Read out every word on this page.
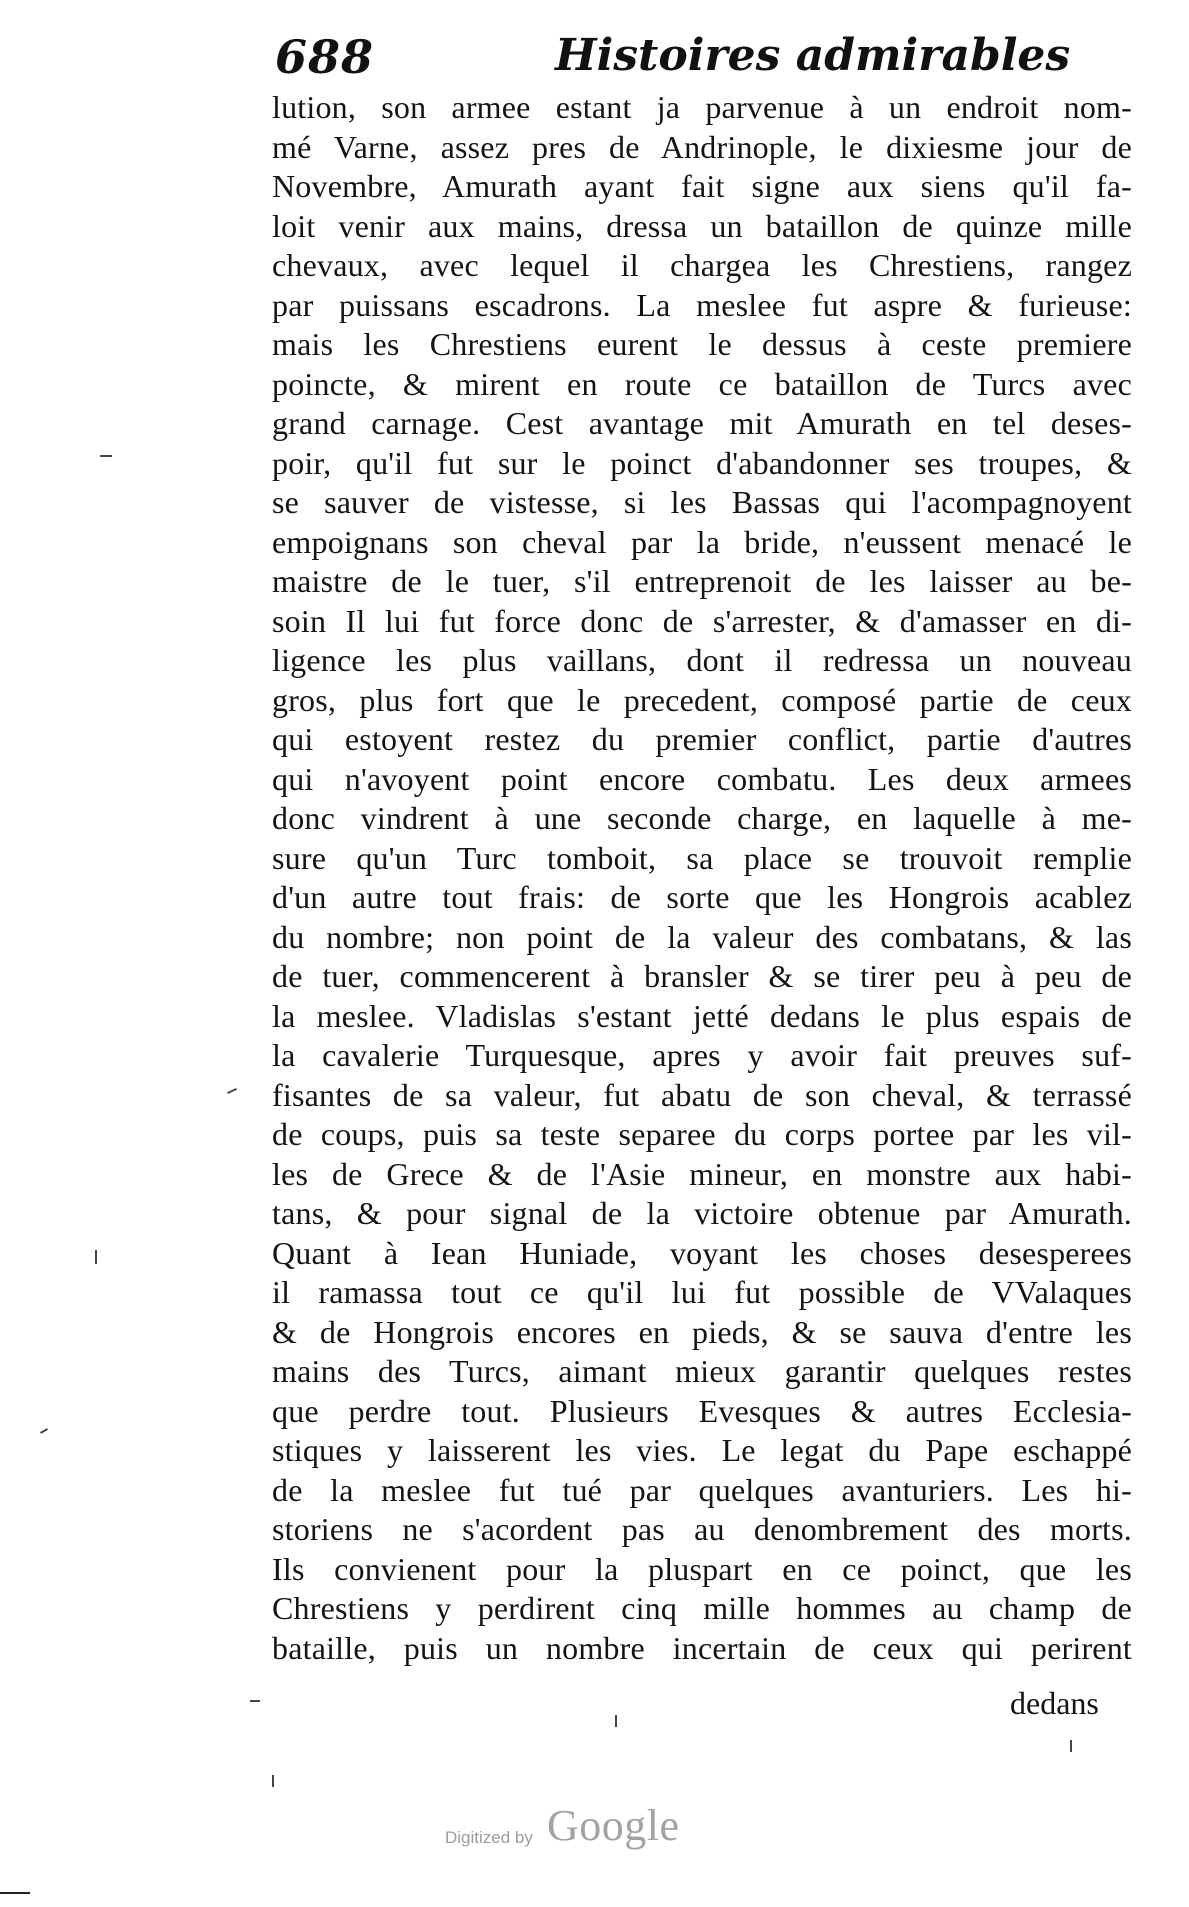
688	Histoires admirables
lution, son armee estant ja parvenue à un endroit nom-
mé Varne, assez pres de Andrinople, le dixiesme jour de
Novembre, Amurath ayant fait signe aux siens qu'il fa-
loit venir aux mains, dressa un bataillon de quinze mille
chevaux, avec lequel il chargea les Chrestiens, rangez
par puissans escadrons. La meslee fut aspre & furieuse:
mais les Chrestiens eurent le dessus à ceste premiere
poincte, & mirent en route ce bataillon de Turcs avec
grand carnage. Cest avantage mit Amurath en tel deses-
poir, qu'il fut sur le poinct d'abandonner ses troupes, &
se sauver de vistesse, si les Bassas qui l'acompagnoyent
empoignans son cheval par la bride, n'eussent menacé le
maistre de le tuer, s'il entreprenoit de les laisser au be-
soin Il lui fut force donc de s'arrester, & d'amasser en di-
ligence les plus vaillans, dont il redressa un nouveau
gros, plus fort que le precedent, composé partie de ceux
qui estoyent restez du premier conflict, partie d'autres
qui n'avoyent point encore combatu. Les deux armees
donc vindrent à une seconde charge, en laquelle à me-
sure qu'un Turc tomboit, sa place se trouvoit remplie
d'un autre tout frais: de sorte que les Hongrois acablez
du nombre; non point de la valeur des combatans, & las
de tuer, commencerent à bransler & se tirer peu à peu de
la meslee. Vladislas s'estant jetté dedans le plus espais de
la cavalerie Turquesque, apres y avoir fait preuves suf-
fisantes de sa valeur, fut abatu de son cheval, & terrassé
de coups, puis sa teste separee du corps portee par les vil-
les de Grece & de l'Asie mineur, en monstre aux habi-
tans, & pour signal de la victoire obtenue par Amurath.
Quant à Iean Huniade, voyant les choses desesperees
il ramassa tout ce qu'il lui fut possible de VValaques
& de Hongrois encores en pieds, & se sauva d'entre les
mains des Turcs, aimant mieux garantir quelques restes
que perdre tout. Plusieurs Evesques & autres Ecclesia-
stiques y laisserent les vies. Le legat du Pape eschappé
de la meslee fut tué par quelques avanturiers. Les hi-
storiens ne s'acordent pas au denombrement des morts.
Ils convienent pour la pluspart en ce poinct, que les
Chrestiens y perdirent cinq mille hommes au champ de
bataille, puis un nombre incertain de ceux qui perirent
dedans
Digitized by Google
